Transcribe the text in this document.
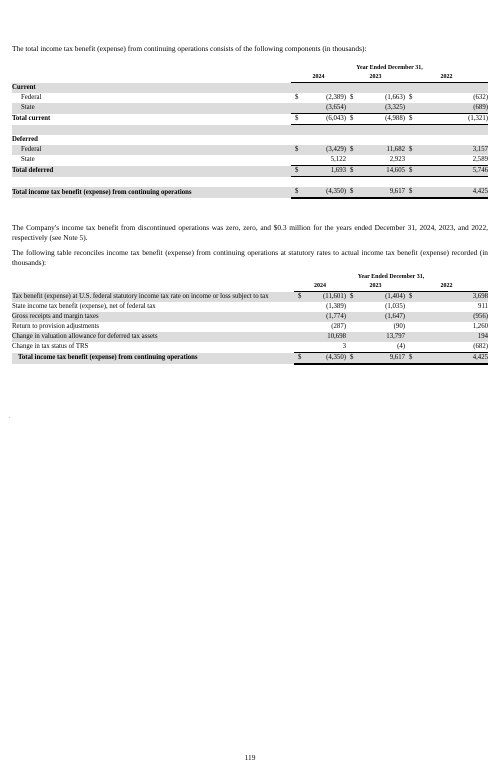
The total income tax benefit (expense) from continuing operations consists of the following components (in thousands):
	Year Ended December 31,					
	2024		2023		2022	
Current						
Federal	$	(2,389)	$	(1,663)	$	(632)
State		(3,654)		(3,325)		(689)
Total current	$	(6,043)	$	(4,988)	$	(1,321)

Deferred						
Federal	$	(3,429)	$	11,682	$	3,157
State		5,122		2,923		2,589
Total deferred	$	1,693	$	14,605	$	5,746

Total income tax benefit (expense) from continuing operations	$	(4,350)	$	9,617	$	4,425
The Company's income tax benefit from discontinued operations was zero, zero, and $0.3 million for the years ended December 31, 2024, 2023, and 2022, respectively (see Note 5).
The following table reconciles income tax benefit (expense) from continuing operations at statutory rates to actual income tax benefit (expense) recorded (in thousands):
	Year Ended December 31,					
	2024		2023		2022	
Tax benefit (expense) at U.S. federal statutory income tax rate on income or loss subject to tax	$	(11,601)	$	(1,404)	$	3,698
State income tax benefit (expense), net of federal tax		(1,389)		(1,035)		911
Gross receipts and margin taxes		(1,774)		(1,647)		(956)
Return to provision adjustments		(287)		(90)		1,260
Change in valuation allowance for deferred tax assets		10,698		13,797		194
Change in tax status of TRS		3		(4)		(682)
Total income tax benefit (expense) from continuing operations	$	(4,350)	$	9,617	$	4,425
119
